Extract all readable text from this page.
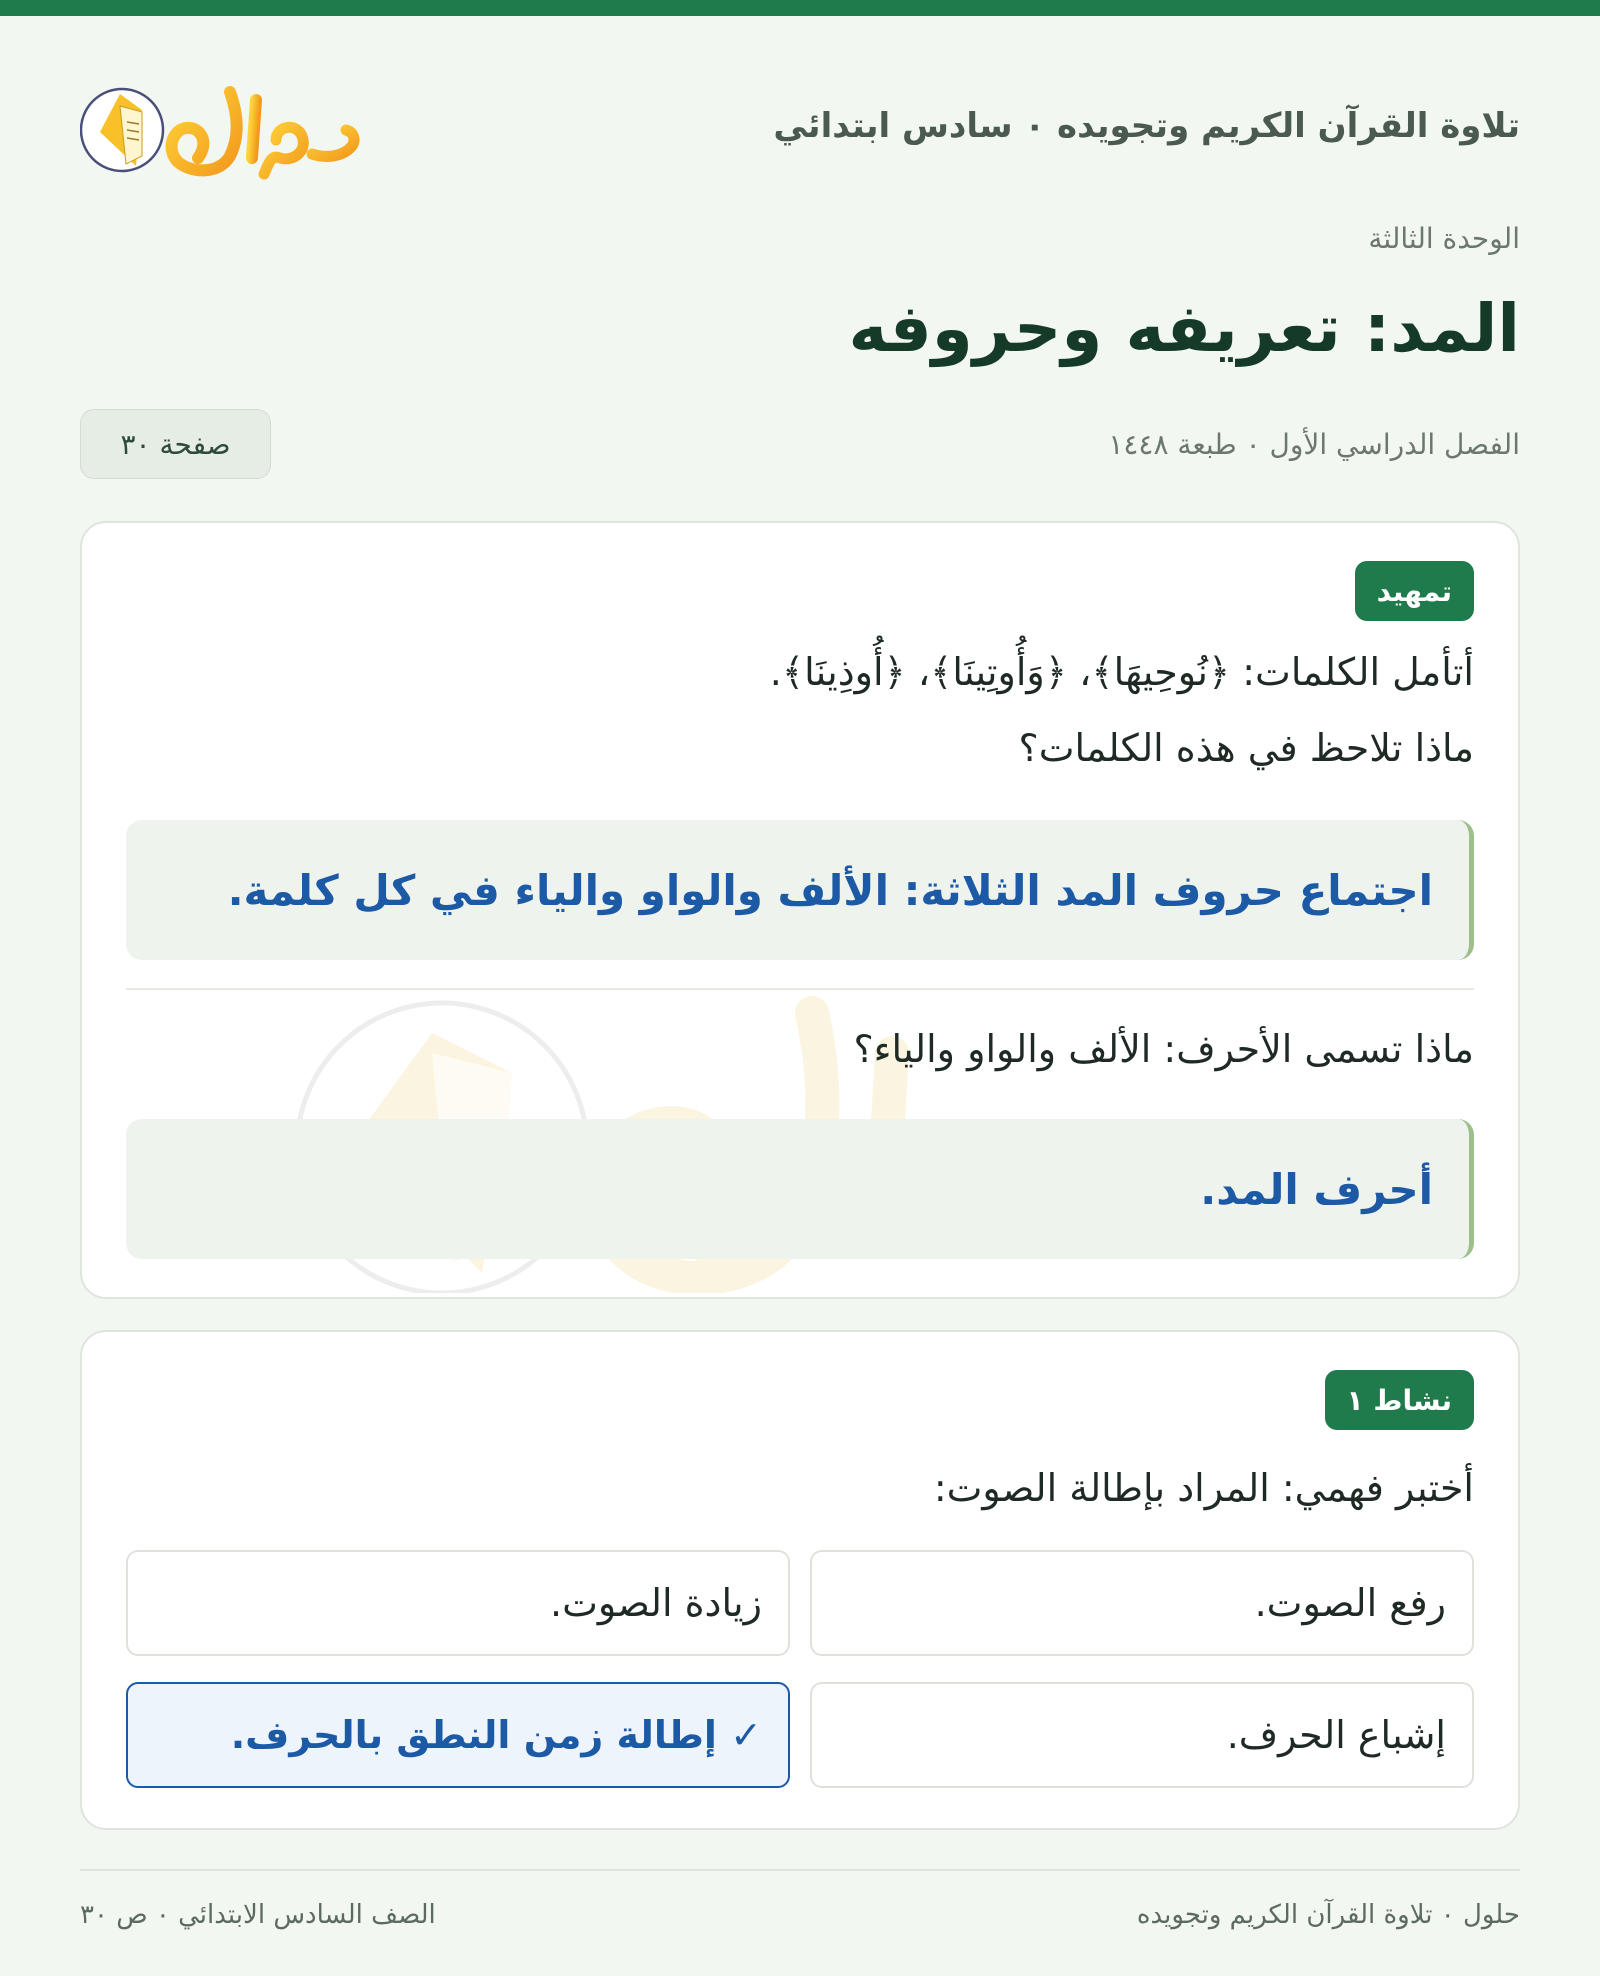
تلاوة القرآن الكريم وتجويده ٠ سادس ابتدائي
الوحدة الثالثة
المد: تعريفه وحروفه
الفصل الدراسي الأول ٠ طبعة ١٤٤٨
صفحة ٣٠
تمهيد

أتأمل الكلمات: ﴿نُوحِيهَا﴾، ﴿وَأُوتِينَا﴾، ﴿أُوذِينَا﴾.

ماذا تلاحظ في هذه الكلمات؟

اجتماع حروف المد الثلاثة: الألف والواو والياء في كل كلمة.

ماذا تسمى الأحرف: الألف والواو والياء؟

أحرف المد.
نشاط ١

أختبر فهمي: المراد بإطالة الصوت:

رفع الصوت.
زيادة الصوت.
إشباع الحرف.
✓ إطالة زمن النطق بالحرف.
حلول ٠ تلاوة القرآن الكريم وتجويده
الصف السادس الابتدائي ٠ ص ٣٠
